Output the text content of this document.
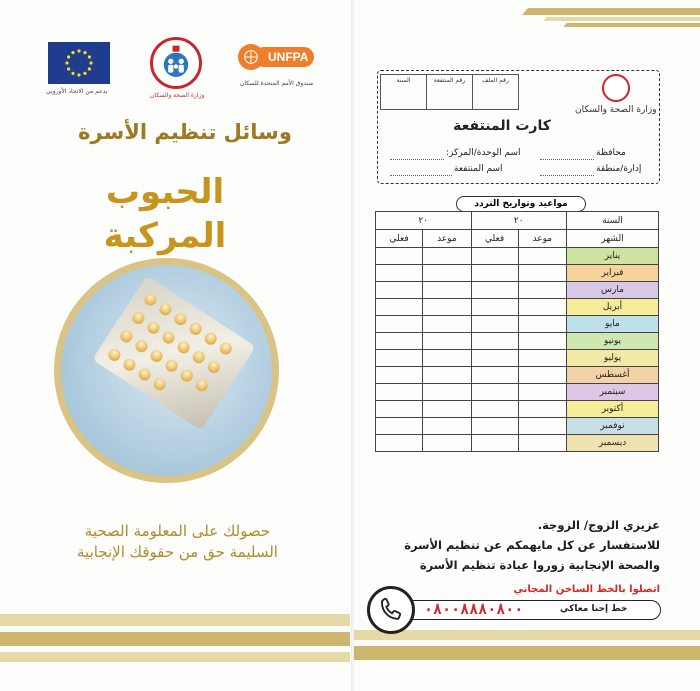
بدعم من الاتحاد الأوروبي
وزارة الصحة والسكان
UNFPA
صندوق الأمم المتحدة للسكان
وسائل تنظيم الأسرة
الحبوب
المركبة
حصولك على المعلومة الصحية
السليمة حق من حقوقك الإنجابية
السنة	رقم المنتفعة	رقم الملف
وزارة الصحة والسكان
كارت المنتفعة
محافظة
اسم الوحدة/المركز:
إدارة/منطقة
اسم المنتفعة
مواعيد وتواريخ التردد
السنة	٢٠		٢٠	
الشهر	موعد	فعلي	موعد	فعلي
يناير				
فبراير				
مارس				
أبريل				
مايو				
يونيو				
يوليو				
أغسطس				
سبتمبر				
أكتوبر				
نوفمبر				
ديسمبر				
عزيزي الزوج/ الزوجة.
للاستفسار عن كل مايهمكم عن تنظيم الأسرة
والصحة الإنجابية زوروا عيادة تنظيم الأسرة
اتصلوا بالخط الساخن المجاني
٠٨٠٠٨٨٨٠٨٠٠	خط إحنا معاكي
